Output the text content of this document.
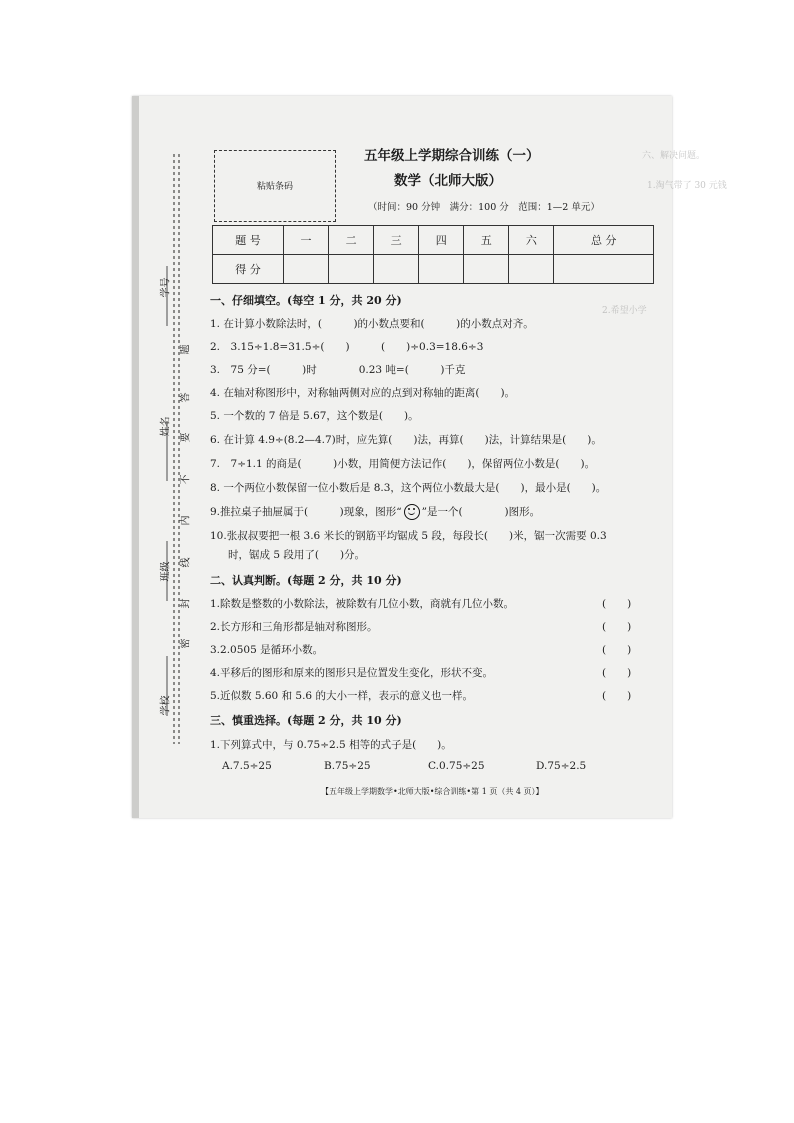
六、解决问题。
1.淘气带了 30 元钱
2.希望小学
学号
姓名
班级
学校
题
答
要
不
内
线
封
密
粘贴条码
五年级上学期综合训练（一）
数学（北师大版）
（时间：90 分钟　满分：100 分　范围：1—2 单元）
题 号	一	二	三	四	五	六	总 分
得 分							
一、仔细填空。(每空 1 分，共 20 分)
1. 在计算小数除法时，(　　　)的小数点要和(　　　)的小数点对齐。
2.　3.15÷1.8=31.5÷(　　)　　　(　　)÷0.3=18.6÷3
3.　75 分=(　　　)时　　　　0.23 吨=(　　　)千克
4. 在轴对称图形中，对称轴两侧对应的点到对称轴的距离(　　)。
5. 一个数的 7 倍是 5.67，这个数是(　　)。
6. 在计算 4.9÷(8.2—4.7)时，应先算(　　)法，再算(　　)法，计算结果是(　　)。
7.　7÷1.1 的商是(　　　)小数，用简便方法记作(　　)，保留两位小数是(　　)。
8. 一个两位小数保留一位小数后是 8.3，这个两位小数最大是(　　)，最小是(　　)。
9.推拉桌子抽屉属于(　　　)现象，图形“ ”是一个(　　　　)图形。
10.张叔叔要把一根 3.6 米长的钢筋平均锯成 5 段，每段长(　　)米，锯一次需要 0.3
时，锯成 5 段用了(　　)分。
二、认真判断。(每题 2 分，共 10 分)
1.除数是整数的小数除法，被除数有几位小数，商就有几位小数。	(　　)
2.长方形和三角形都是轴对称图形。	(　　)
3.2.0505 是循环小数。	(　　)
4.平移后的图形和原来的图形只是位置发生变化，形状不变。	(　　)
5.近似数 5.60 和 5.6 的大小一样，表示的意义也一样。	(　　)
三、慎重选择。(每题 2 分，共 10 分)
1.下列算式中，与 0.75÷2.5 相等的式子是(　　)。
A.7.5÷25	B.75÷25	C.0.75÷25	D.75÷2.5
【五年级上学期数学•北师大版•综合训练•第 1 页（共 4 页）】
